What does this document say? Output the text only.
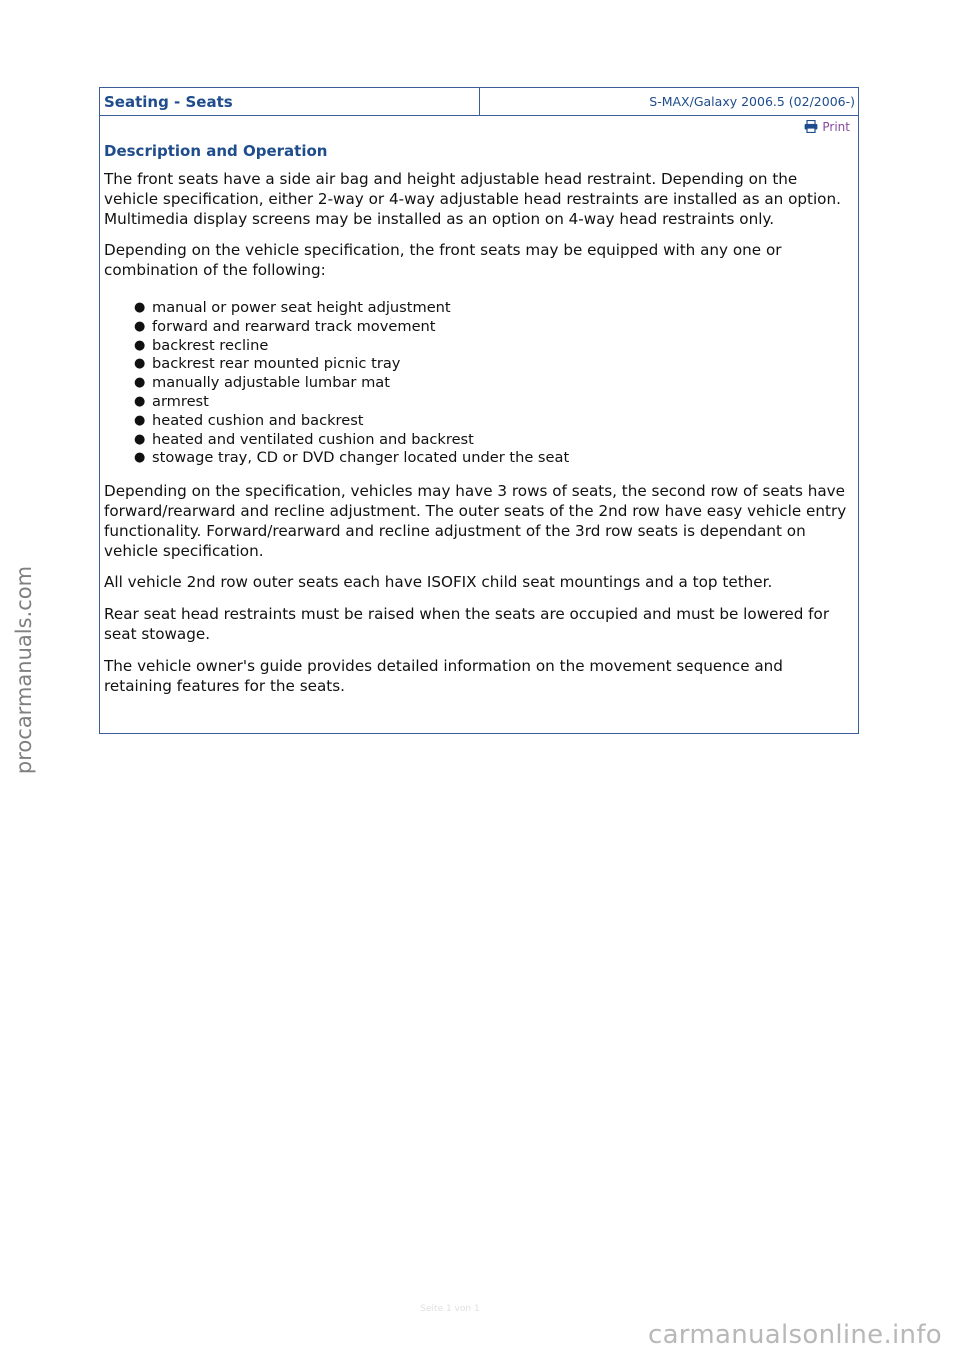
Seating - Seats	S-MAX/Galaxy 2006.5 (02/2006-)
Print
Description and Operation

The front seats have a side air bag and height adjustable head restraint. Depending on the vehicle specification, either 2-way or 4-way adjustable head restraints are installed as an option. Multimedia display screens may be installed as an option on 4-way head restraints only.

Depending on the vehicle specification, the front seats may be equipped with any one or combination of the following:

● manual or power seat height adjustment
● forward and rearward track movement
● backrest recline
● backrest rear mounted picnic tray
● manually adjustable lumbar mat
● armrest
● heated cushion and backrest
● heated and ventilated cushion and backrest
● stowage tray, CD or DVD changer located under the seat

Depending on the specification, vehicles may have 3 rows of seats, the second row of seats have forward/rearward and recline adjustment. The outer seats of the 2nd row have easy vehicle entry functionality. Forward/rearward and recline adjustment of the 3rd row seats is dependant on vehicle specification.

All vehicle 2nd row outer seats each have ISOFIX child seat mountings and a top tether.

Rear seat head restraints must be raised when the seats are occupied and must be lowered for seat stowage.

The vehicle owner's guide provides detailed information on the movement sequence and retaining features for the seats.

procarmanuals.com
Seite 1 von 1
carmanualsonline.info
